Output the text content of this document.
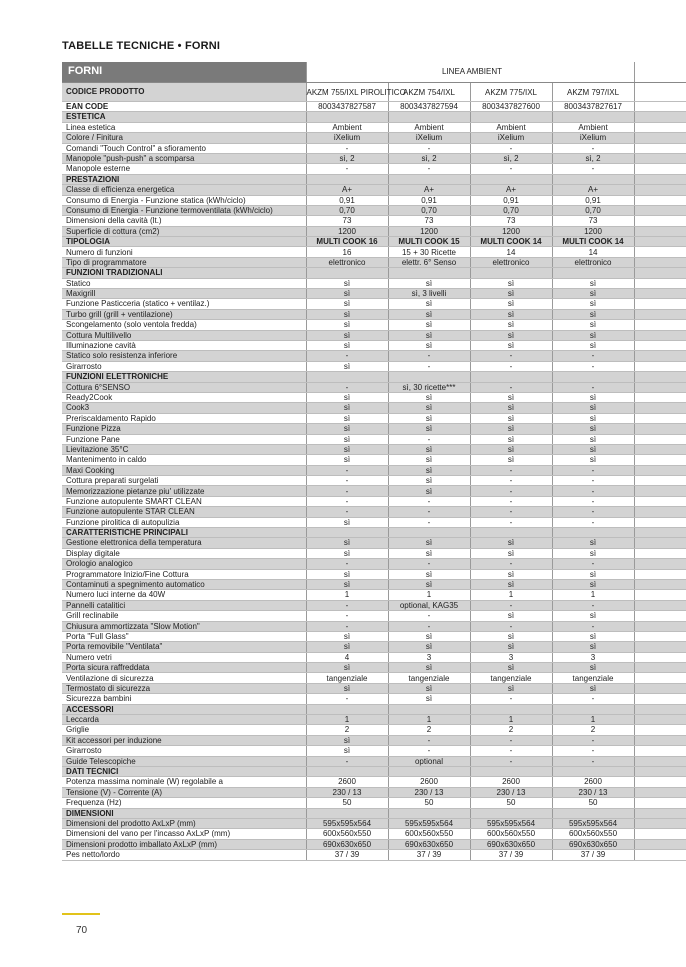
TABELLE TECNICHE • FORNI
FORNI	LINEA AMBIENT				
CODICE PRODOTTO	AKZM 755/IXL PIROLITICO	AKZM 754/IXL	AKZM 775/IXL	AKZM 797/IXL	
EAN CODE	8003437827587	8003437827594	8003437827600	8003437827617	
ESTETICA					
Linea estetica	Ambient	Ambient	Ambient	Ambient	
Colore / Finitura	iXelium	iXelium	iXelium	iXelium	
Comandi "Touch Control" a sfioramento	-	-	-	-	
Manopole "push-push" a scomparsa	sì, 2	sì, 2	sì, 2	sì, 2	
Manopole esterne	-	-	-	-	
PRESTAZIONI					
Classe di efficienza energetica	A+	A+	A+	A+	
Consumo di Energia - Funzione statica (kWh/ciclo)	0,91	0,91	0,91	0,91	
Consumo di Energia - Funzione termoventilata (kWh/ciclo)	0,70	0,70	0,70	0,70	
Dimensioni della cavità (lt.)	73	73	73	73	
Superficie di cottura (cm2)	1200	1200	1200	1200	
TIPOLOGIA	MULTI COOK 16	MULTI COOK 15	MULTI COOK 14	MULTI COOK 14	
Numero di funzioni	16	15 + 30 Ricette	14	14	
Tipo di programmatore	elettronico	elettr. 6° Senso	elettronico	elettronico	
FUNZIONI TRADIZIONALI					
Statico	sì	sì	sì	sì	
Maxigrill	sì	sì, 3 livelli	sì	sì	
Funzione Pasticceria (statico + ventilaz.)	sì	sì	sì	sì	
Turbo grill (grill + ventilazione)	sì	sì	sì	sì	
Scongelamento (solo ventola fredda)	sì	sì	sì	sì	
Cottura Multilivello	sì	sì	sì	sì	
Illuminazione cavità	sì	sì	sì	sì	
Statico solo resistenza inferiore	-	-	-	-	
Girarrosto	sì	-	-	-	
FUNZIONI ELETTRONICHE					
Cottura 6°SENSO	-	sì, 30 ricette***	-	-	
Ready2Cook	sì	sì	sì	sì	
Cook3	sì	sì	sì	sì	
Preriscaldamento Rapido	sì	sì	sì	sì	
Funzione Pizza	sì	sì	sì	sì	
Funzione Pane	sì	-	sì	sì	
Lievitazione 35°C	sì	sì	sì	sì	
Mantenimento in caldo	sì	sì	sì	sì	
Maxi Cooking	-	sì	-	-	
Cottura preparati surgelati	-	sì	-	-	
Memorizzazione pietanze piu' utilizzate	-	sì	-	-	
Funzione autopulente SMART CLEAN	-	-	-	-	
Funzione autopulente STAR CLEAN	-	-	-	-	
Funzione pirolitica di autopulizia	sì	-	-	-	
CARATTERISTICHE PRINCIPALI					
Gestione elettronica della temperatura	sì	sì	sì	sì	
Display digitale	sì	sì	sì	sì	
Orologio analogico	-	-	-	-	
Programmatore Inizio/Fine Cottura	sì	sì	sì	sì	
Contaminuti a spegnimento automatico	sì	sì	sì	sì	
Numero luci interne da 40W	1	1	1	1	
Pannelli catalitici	-	optional, KAG35	-	-	
Grill reclinabile	-	-	sì	sì	
Chiusura ammortizzata "Slow Motion"	-	-	-	-	
Porta "Full Glass"	sì	sì	sì	sì	
Porta removibile "Ventilata"	sì	sì	sì	sì	
Numero vetri	4	3	3	3	
Porta sicura raffreddata	sì	sì	sì	sì	
Ventilazione di sicurezza	tangenziale	tangenziale	tangenziale	tangenziale	
Termostato di sicurezza	sì	sì	sì	sì	
Sicurezza bambini	-	sì	-	-	
ACCESSORI					
Leccarda	1	1	1	1	
Griglie	2	2	2	2	
Kit accessori per induzione	sì	-	-	-	
Girarrosto	sì	-	-	-	
Guide Telescopiche	-	optional	-	-	
DATI TECNICI					
Potenza massima nominale (W) regolabile a	2600	2600	2600	2600	
Tensione (V) - Corrente (A)	230 / 13	230 / 13	230 / 13	230 / 13	
Frequenza (Hz)	50	50	50	50	
DIMENSIONI					
Dimensioni del prodotto AxLxP (mm)	595x595x564	595x595x564	595x595x564	595x595x564	
Dimensioni del vano per l'incasso AxLxP (mm)	600x560x550	600x560x550	600x560x550	600x560x550	
Dimensioni prodotto imballato AxLxP (mm)	690x630x650	690x630x650	690x630x650	690x630x650	
Pes netto/lordo	37 / 39	37 / 39	37 / 39	37 / 39	
70
